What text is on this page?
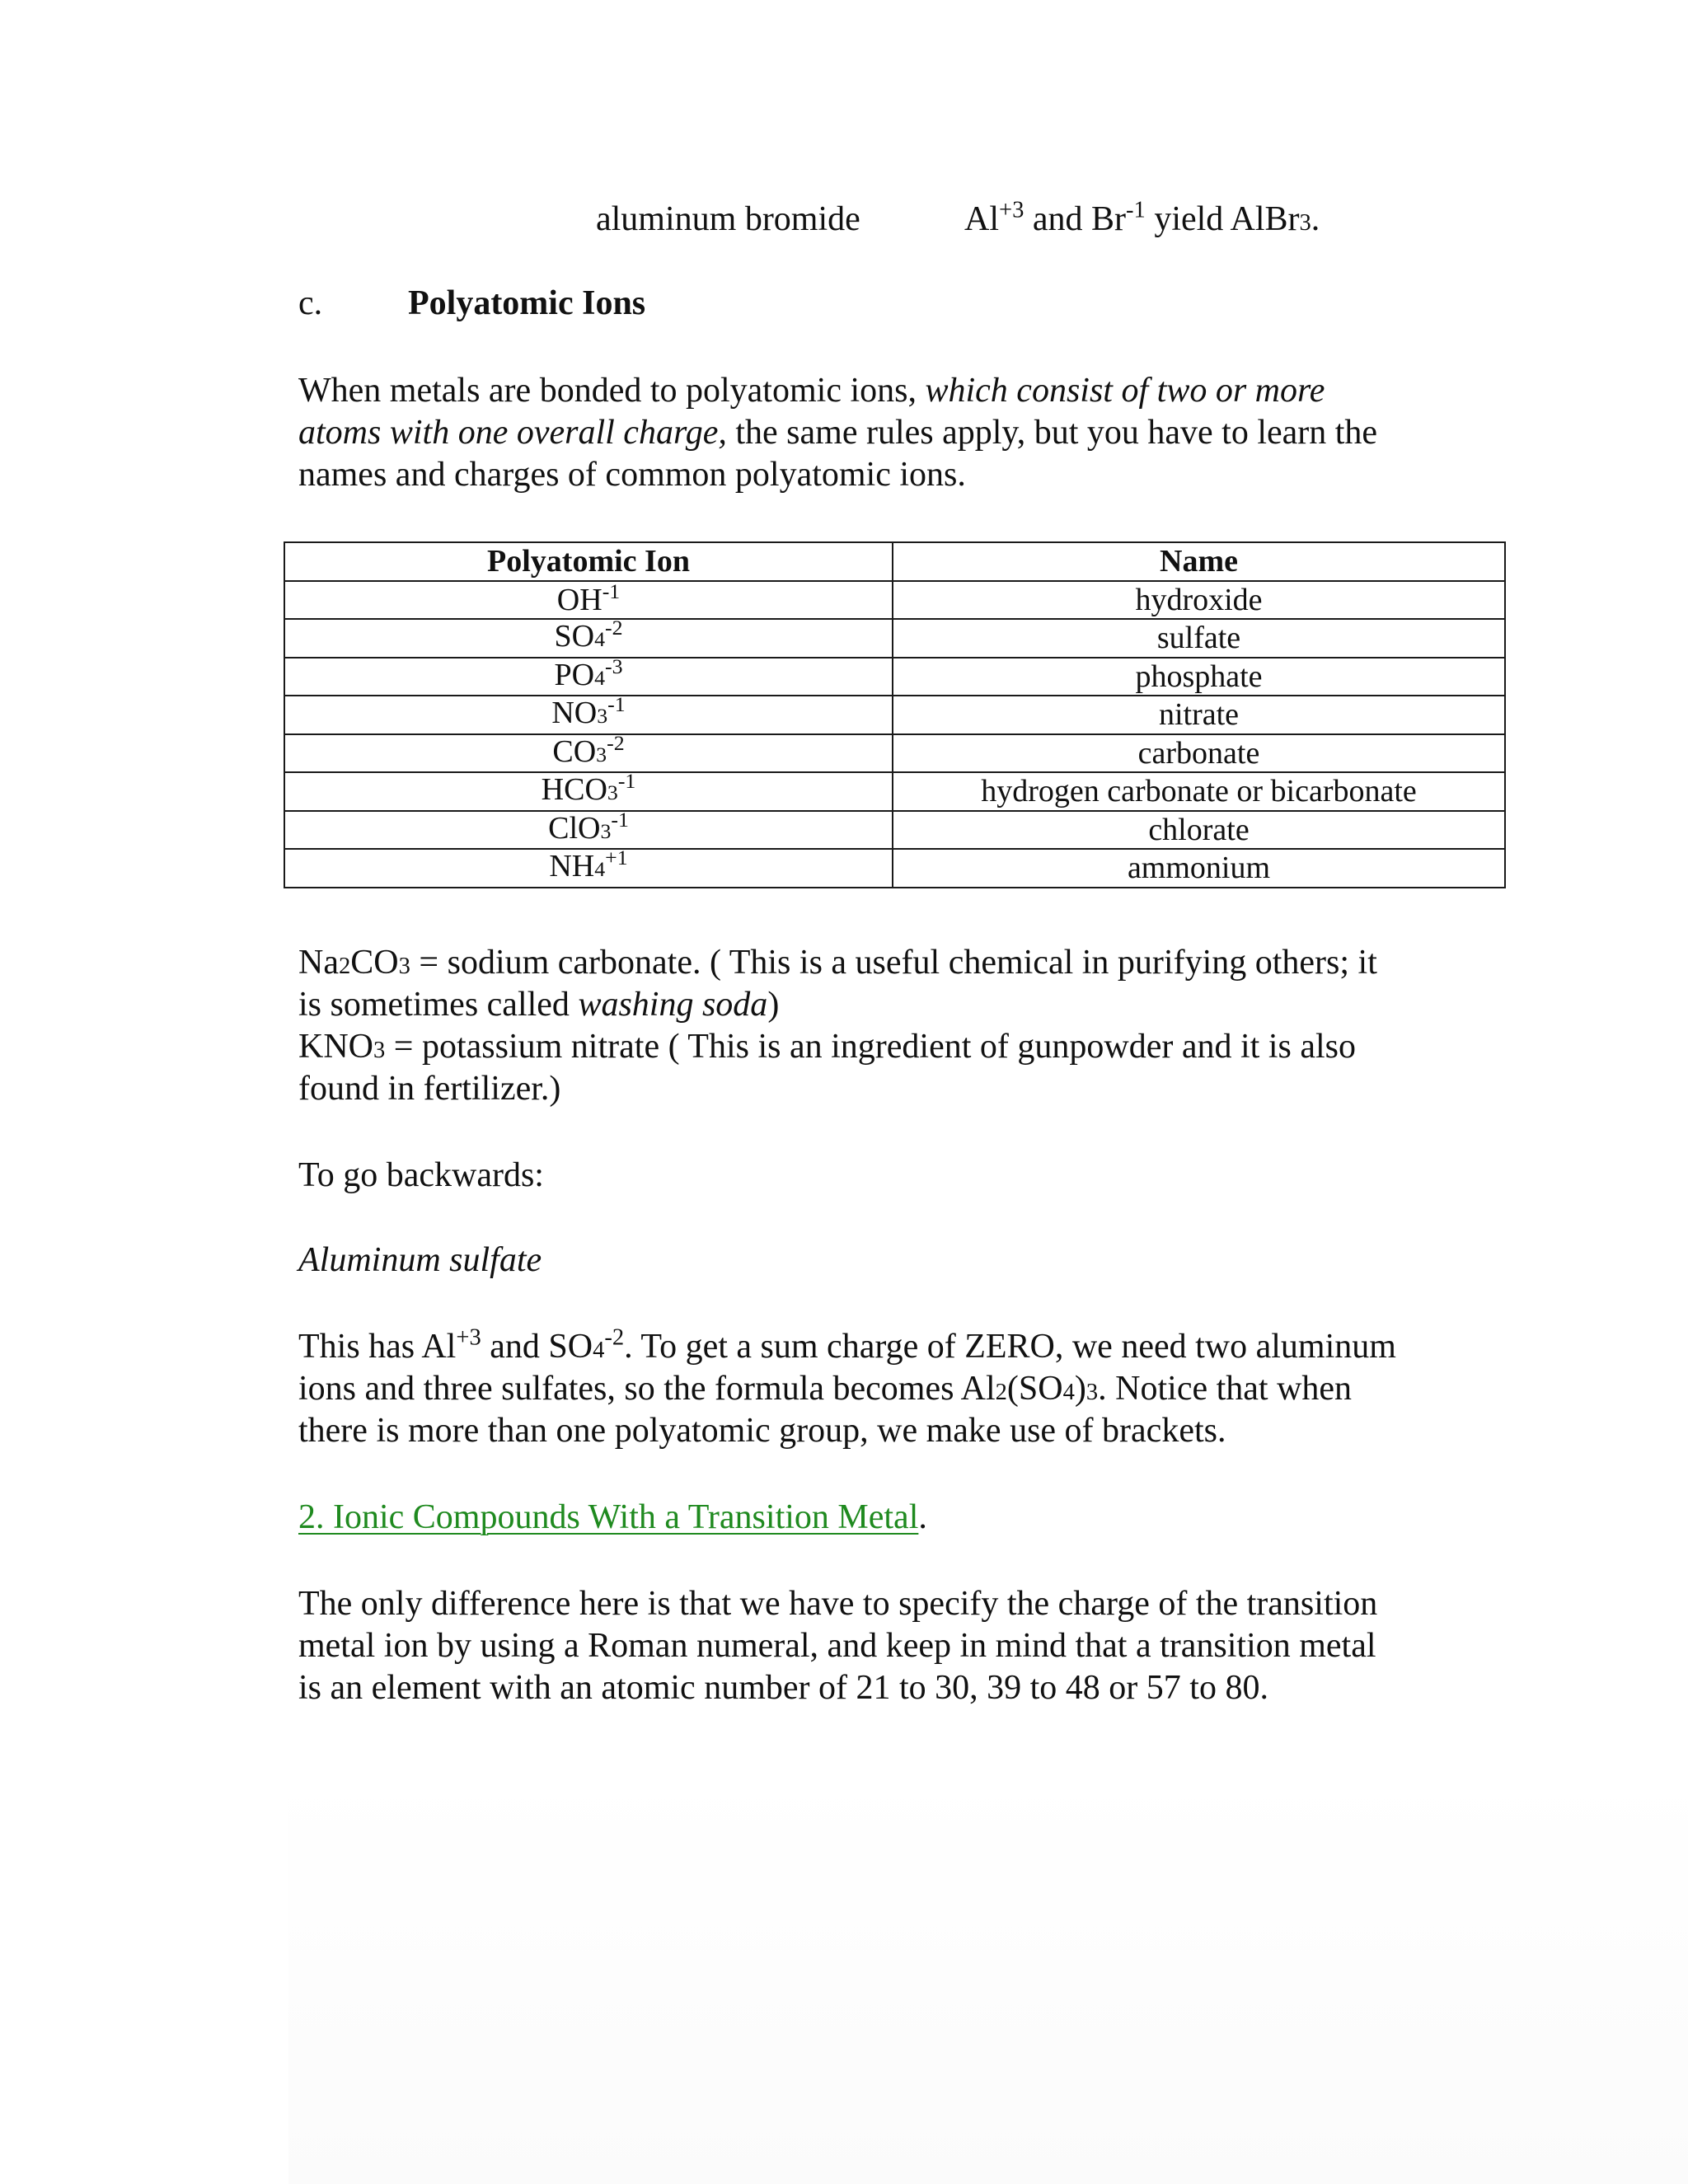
aluminum bromide	$Al^{+3}$ and $Br^{-1}$ yield AlBr3.
c. Polyatomic Ions
When metals are bonded to polyatomic ions, which consist of two or more
atoms with one overall charge, the same rules apply, but you have to learn the
names and charges of common polyatomic ions.
Polyatomic Ion	Name
$OH^{-1}$	hydroxide
$SO4^{-2}$	sulfate
$PO4^{-3}$	phosphate
$NO3^{-1}$	nitrate
$CO3^{-2}$	carbonate
$HCO3^{-1}$	hydrogen carbonate or bicarbonate
$ClO3^{-1}$	chlorate
$NH4^{+1}$	ammonium
Na2CO3 = sodium carbonate. ( This is a useful chemical in purifying others; it
is sometimes called washing soda)
KNO3 = potassium nitrate ( This is an ingredient of gunpowder and it is also
found in fertilizer.)
To go backwards:
Aluminum sulfate
This has $Al^{+3}$ and $SO4^{-2}$. To get a sum charge of ZERO, we need two aluminum
ions and three sulfates, so the formula becomes Al2(SO4)3. Notice that when
there is more than one polyatomic group, we make use of brackets.
2. Ionic Compounds With a Transition Metal.
The only difference here is that we have to specify the charge of the transition
metal ion by using a Roman numeral, and keep in mind that a transition metal
is an element with an atomic number of 21 to 30, 39 to 48 or 57 to 80.
